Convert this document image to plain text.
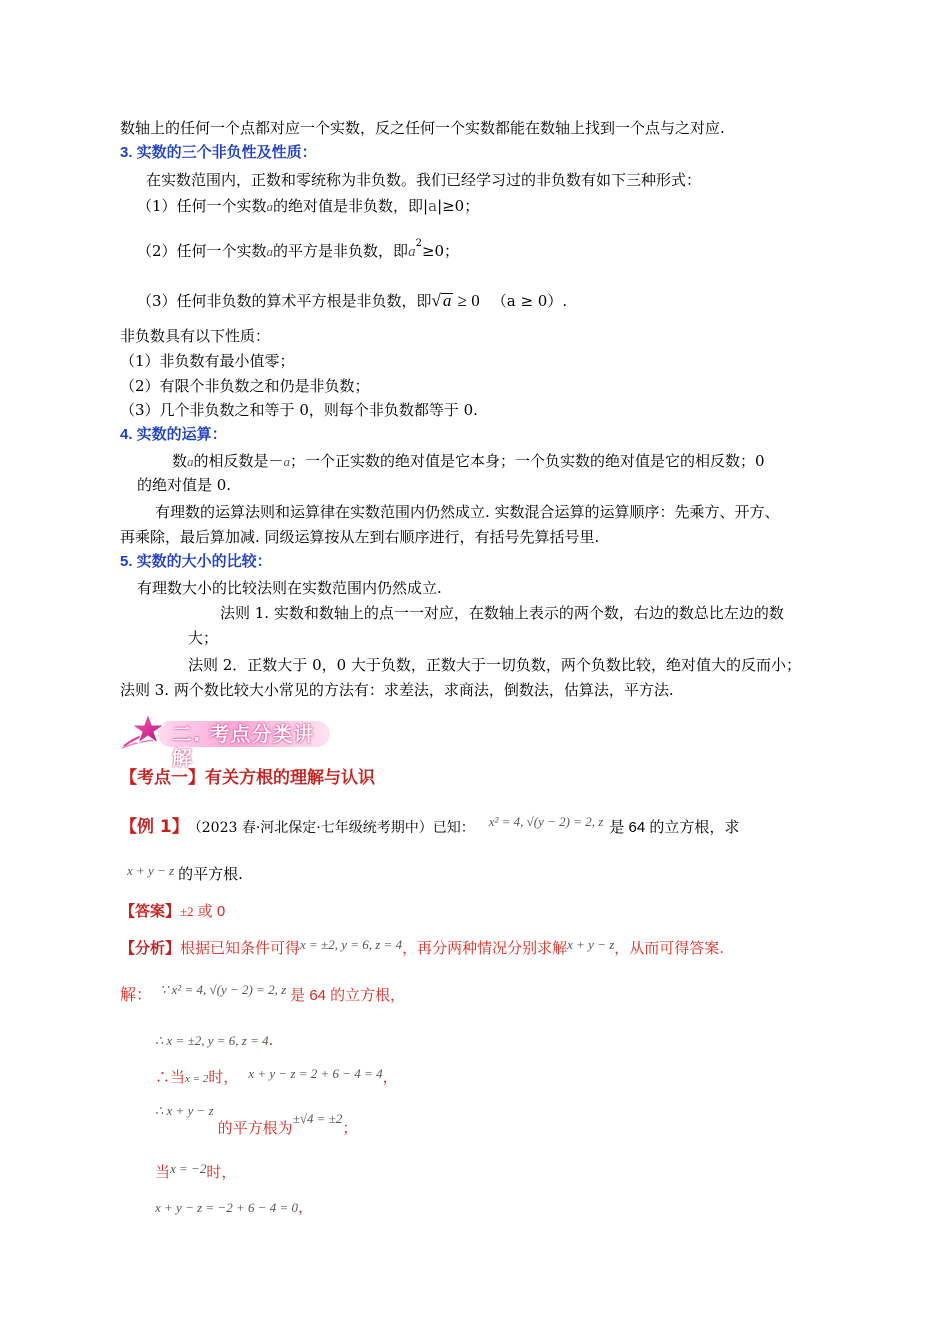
数轴上的任何一个点都对应一个实数，反之任何一个实数都能在数轴上找到一个点与之对应.
3. 实数的三个非负性及性质：
在实数范围内，正数和零统称为非负数。我们已经学习过的非负数有如下三种形式：
（1）任何一个实数a的绝对值是非负数，即|a|≥0；
（2）任何一个实数a的平方是非负数，即$a^2\ge 0$；
（3）任何非负数的算术平方根是非负数，即√ a ≥ 0 （a ≥ 0）.
非负数具有以下性质：
（1）非负数有最小值零；
（2）有限个非负数之和仍是非负数；
（3）几个非负数之和等于 0，则每个非负数都等于 0.
4. 实数的运算：
数a的相反数是－a；一个正实数的绝对值是它本身；一个负实数的绝对值是它的相反数；0
的绝对值是 0.
有理数的运算法则和运算律在实数范围内仍然成立. 实数混合运算的运算顺序：先乘方、开方、
再乘除，最后算加减. 同级运算按从左到右顺序进行，有括号先算括号里.
5. 实数的大小的比较：
有理数大小的比较法则在实数范围内仍然成立.
法则 1. 实数和数轴上的点一一对应，在数轴上表示的两个数，右边的数总比左边的数
大；
法则 2．正数大于 0，0 大于负数，正数大于一切负数，两个负数比较，绝对值大的反而小；
法则 3. 两个数比较大小常见的方法有：求差法，求商法，倒数法，估算法，平方法.
二. 考点分类讲解
【考点一】有关方根的理解与认识
【例 1】 （2023 春·河北保定·七年级统考期中）已知： x² = 4, √(y − 2) = 2, z 是 64 的立方根，求
x + y − z 的平方根.
【答案】±2 或 0
【分析】根据已知条件可得x = ±2, y = 6, z = 4，再分两种情况分别求解x + y − z，从而可得答案.
解： ∵ x² = 4, √(y − 2) = 2, z 是 64 的立方根，
∴ x = ±2, y = 6, z = 4.
∴当x = 2时， x + y − z = 2 + 6 − 4 = 4，
∴ x + y − z的平方根为±√4 = ±2；
当x = −2时，
x + y − z = −2 + 6 − 4 = 0，
